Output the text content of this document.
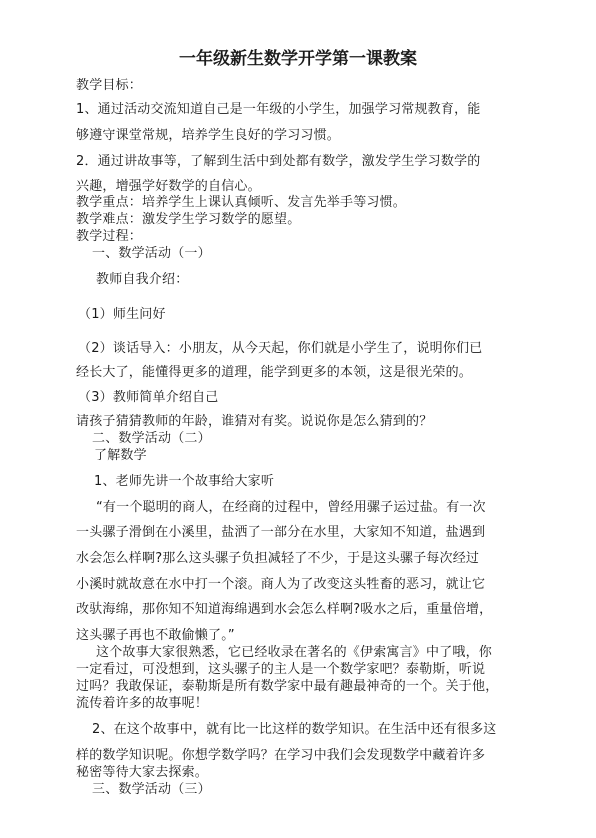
一年级新生数学开学第一课教案
教学目标：
1、通过活动交流知道自己是一年级的小学生，加强学习常规教育，能
够遵守课堂常规，培养学生良好的学习习惯。
2．通过讲故事等，了解到生活中到处都有数学，激发学生学习数学的
兴趣，增强学好数学的自信心。
教学重点：培养学生上课认真倾听、发言先举手等习惯。
教学难点：激发学生学习数学的愿望。
教学过程：
一、数学活动（一）
教师自我介绍：
（1）师生问好
（2）谈话导入：小朋友，从今天起，你们就是小学生了，说明你们已
经长大了，能懂得更多的道理，能学到更多的本领，这是很光荣的。
（3）教师简单介绍自己
请孩子猜猜教师的年龄，谁猜对有奖。说说你是怎么猜到的？
二、数学活动（二）
了解数学
1、老师先讲一个故事给大家听
“有一个聪明的商人，在经商的过程中，曾经用骡子运过盐。有一次
一头骡子滑倒在小溪里，盐洒了一部分在水里，大家知不知道，盐遇到
水会怎么样啊?那么这头骡子负担减轻了不少，于是这头骡子每次经过
小溪时就故意在水中打一个滚。商人为了改变这头牲畜的恶习，就让它
改驮海绵，那你知不知道海绵遇到水会怎么样啊?吸水之后，重量倍增，
这头骡子再也不敢偷懒了。”
这个故事大家很熟悉，它已经收录在著名的《伊索寓言》中了哦，你
一定看过，可没想到，这头骡子的主人是一个数学家吧？泰勒斯，听说
过吗？我敢保证，泰勒斯是所有数学家中最有趣最神奇的一个。关于他，
流传着许多的故事呢！
2、在这个故事中，就有比一比这样的数学知识。在生活中还有很多这
样的数学知识呢。你想学数学吗？在学习中我们会发现数学中藏着许多
秘密等待大家去探索。
三、数学活动（三）
